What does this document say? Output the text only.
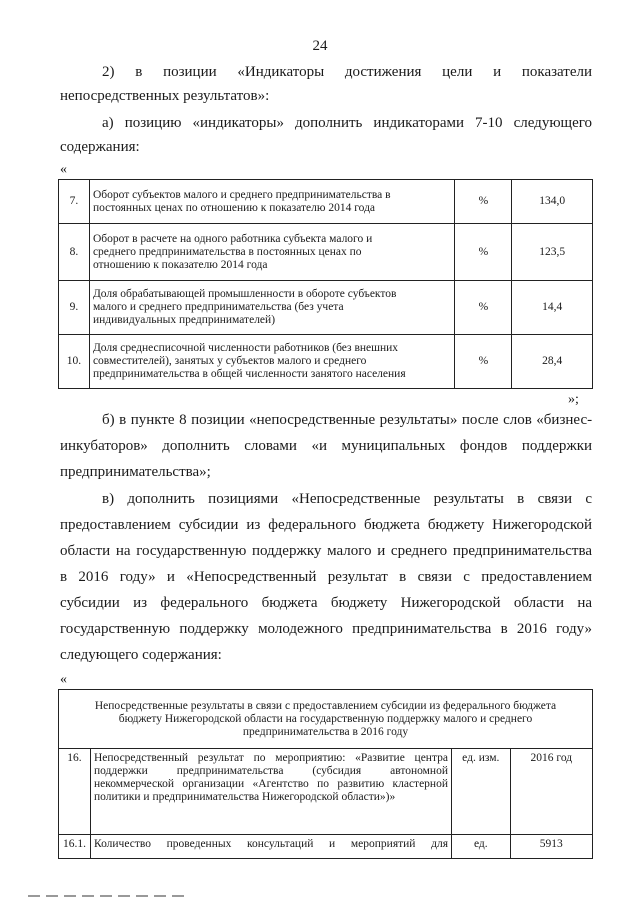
24
2) в позиции «Индикаторы достижения цели и показатели
непосредственных результатов»:
а) позицию «индикаторы» дополнить индикаторами 7-10 следующего
содержания:
«
7.	Оборот субъектов малого и среднего предпринимательства в
постоянных ценах по отношению к показателю 2014 года	%	134,0
8.	Оборот в расчете на одного работника субъекта малого и
среднего предпринимательства в постоянных ценах по
отношению к показателю 2014 года	%	123,5
9.	Доля обрабатывающей промышленности в обороте субъектов
малого и среднего предпринимательства (без учета
индивидуальных предпринимателей)	%	14,4
10.	Доля среднесписочной численности работников (без внешних
совместителей), занятых у субъектов малого и среднего
предпринимательства в общей численности занятого населения	%	28,4
»;
б) в пункте 8 позиции «непосредственные результаты» после слов «бизнес-
инкубаторов» дополнить словами «и муниципальных фондов поддержки
предпринимательства»;
в) дополнить позициями «Непосредственные результаты в связи с
предоставлением субсидии из федерального бюджета бюджету Нижегородской
области на государственную поддержку малого и среднего предпринимательства
в 2016 году» и «Непосредственный результат в связи с предоставлением
субсидии из федерального бюджета бюджету Нижегородской области на
государственную поддержку молодежного предпринимательства в 2016 году»
следующего содержания:
«
Непосредственные результаты в связи с предоставлением субсидии из федерального бюджета
бюджету Нижегородской области на государственную поддержку малого и среднего
предпринимательства в 2016 году			

16.	Непосредственный результат по мероприятию: «Развитие центра поддержки предпринимательства (субсидия автономной некоммерческой организации «Агентство по развитию кластерной политики и предпринимательства Нижегородской области»)»	ед. изм.	2016 год
16.1.	Количество проведенных консультаций и мероприятий для	ед.	5913
